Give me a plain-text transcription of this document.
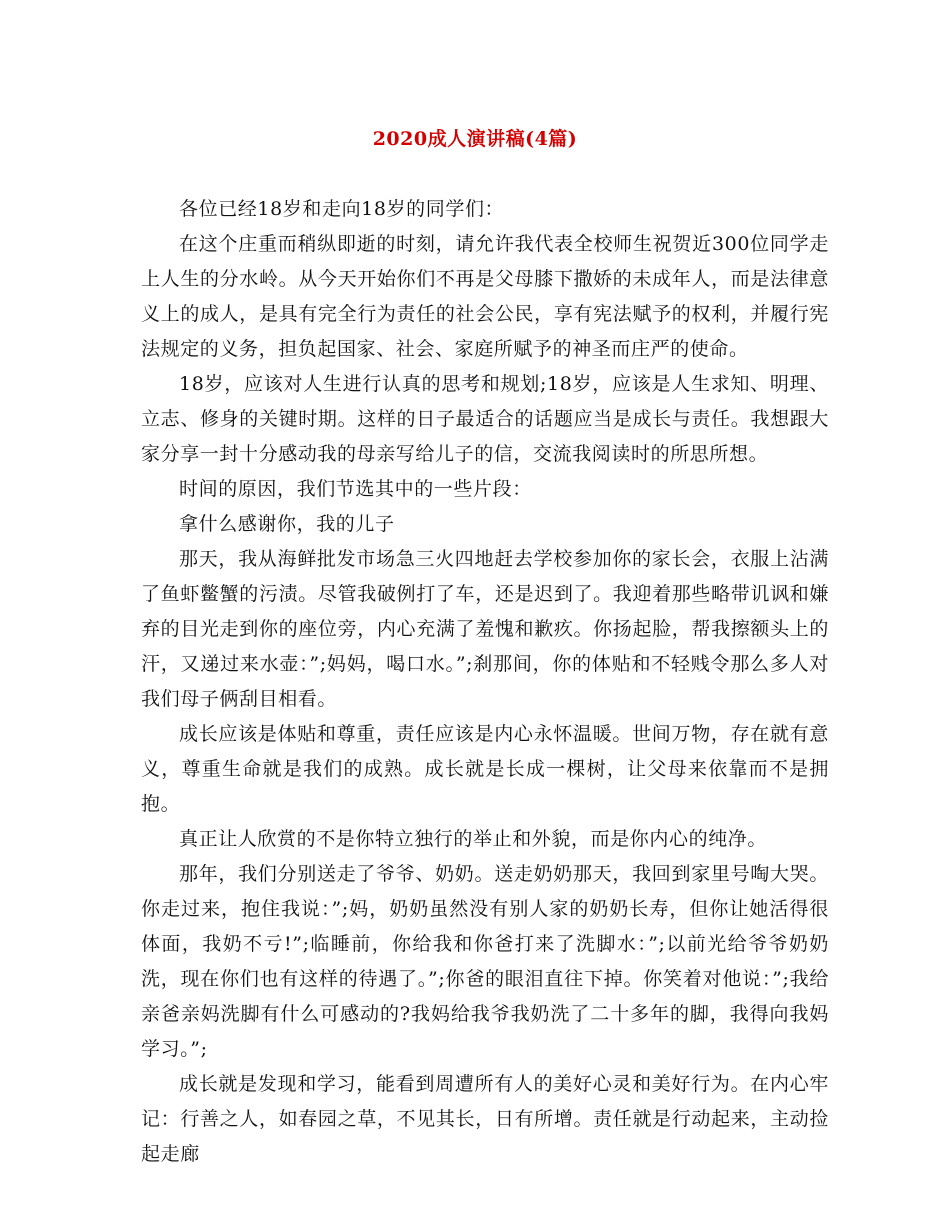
2020成人演讲稿(4篇)

各位已经18岁和走向18岁的同学们：

在这个庄重而稍纵即逝的时刻，请允许我代表全校师生祝贺近300位同学走上人生的分水岭。从今天开始你们不再是父母膝下撒娇的未成年人，而是法律意义上的成人，是具有完全行为责任的社会公民，享有宪法赋予的权利，并履行宪法规定的义务，担负起国家、社会、家庭所赋予的神圣而庄严的使命。

18岁，应该对人生进行认真的思考和规划;18岁，应该是人生求知、明理、立志、修身的关键时期。这样的日子最适合的话题应当是成长与责任。我想跟大家分享一封十分感动我的母亲写给儿子的信，交流我阅读时的所思所想。

时间的原因，我们节选其中的一些片段：

拿什么感谢你，我的儿子

那天，我从海鲜批发市场急三火四地赶去学校参加你的家长会，衣服上沾满了鱼虾鳖蟹的污渍。尽管我破例打了车，还是迟到了。我迎着那些略带讥讽和嫌弃的目光走到你的座位旁，内心充满了羞愧和歉疚。你扬起脸，帮我擦额头上的汗，又递过来水壶：”;妈妈，喝口水。”;刹那间，你的体贴和不轻贱令那么多人对我们母子俩刮目相看。

成长应该是体贴和尊重，责任应该是内心永怀温暖。世间万物，存在就有意义，尊重生命就是我们的成熟。成长就是长成一棵树，让父母来依靠而不是拥抱。

真正让人欣赏的不是你特立独行的举止和外貌，而是你内心的纯净。

那年，我们分别送走了爷爷、奶奶。送走奶奶那天，我回到家里号啕大哭。你走过来，抱住我说：”;妈，奶奶虽然没有别人家的奶奶长寿，但你让她活得很体面，我奶不亏!”;临睡前，你给我和你爸打来了洗脚水：”;以前光给爷爷奶奶洗，现在你们也有这样的待遇了。”;你爸的眼泪直往下掉。你笑着对他说：”;我给亲爸亲妈洗脚有什么可感动的?我妈给我爷我奶洗了二十多年的脚，我得向我妈学习。”;

成长就是发现和学习，能看到周遭所有人的美好心灵和美好行为。在内心牢记：行善之人，如春园之草，不见其长，日有所增。责任就是行动起来，主动捡起走廊
